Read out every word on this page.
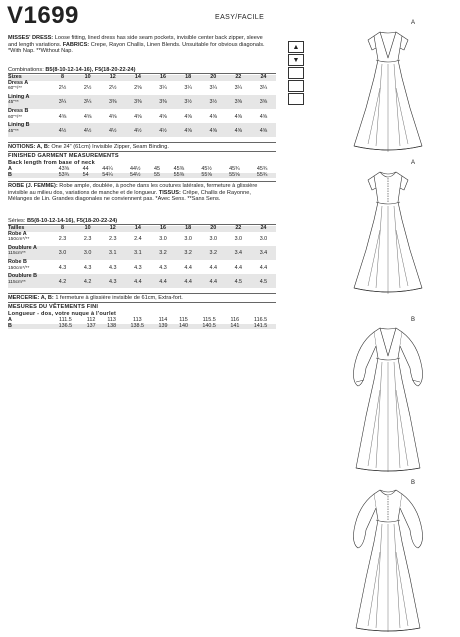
V1699	EASY/FACILE
MISSES' DRESS: Loose fitting, lined dress has side seam pockets, invisible center back zipper, sleeve and length variations. FABRICS: Crepe, Rayon Challis, Linen Blends. Unsuitable for obvious diagonals. *With Nap. **Without Nap.
Combinations: B5(8-10-12-14-16), F5(18-20-22-24)
Sizes	8	10	12	14	16	18	20	22	24
Dress A									
60"*/**	2½	2½	2½	2⅝	3¼	3¼	3¼	3¼	3¼

Lining A									
45"**	3¼	3¼	3⅜	3⅜	3⅜	3½	3½	3⅝	3⅝

Dress B									
60"*/**	4⅝	4⅝	4⅝	4⅝	4⅝	4⅝	4⅝	4⅝	4⅝

Lining B									
45"**	4½	4½	4½	4½	4½	4⅝	4⅝	4⅝	4⅝

NOTIONS: A, B: One 24" (61cm) Invisible Zipper, Seam Binding.
FINISHED GARMENT MEASUREMENTS
Back length from base of neck
A	43⅝	44	44¼	44½	45	45⅜	45½	45¾	45¾
B	53¾	54	54¼	54½	55	55⅜	55⅝	55⅝	55¾
ROBE (J. FEMME): Robe ample, doublée, à poche dans les coutures latérales, fermeture à glissière invisible au milieu dos, variations de manche et de longueur. TISSUS: Crêpe, Challis de Rayonne, Mélanges de Lin. Grandes diagonales ne conviennent pas. *Avec Sens. **Sans Sens.
Séries: B5(8-10-12-14-16), F5(18-20-22-24)
Tailles	8	10	12	14	16	18	20	22	24
Robe A									
150cm*/**	2.3	2.3	2.3	2.4	3.0	3.0	3.0	3.0	3.0

Doublure A									
115cm**	3.0	3.0	3.1	3.1	3.2	3.2	3.2	3.4	3.4

Robe B									
150cm*/**	4.3	4.3	4.3	4.3	4.3	4.4	4.4	4.4	4.4

Doublure B									
115cm**	4.2	4.2	4.3	4.4	4.4	4.4	4.4	4.5	4.5

MERCERIE: A, B: 1 fermeture à glissière invisible de 61cm, Extra-fort.
MESURES DU VÊTEMENTS FINI
Longueur - dos, votre nuque à l'ourlet
A	111.5	112	113	113	114	115	115.5	116	116.5
B	136.5	137	138	138.5	139	140	140.5	141	141.5
▲
▼
A
A
B
B
